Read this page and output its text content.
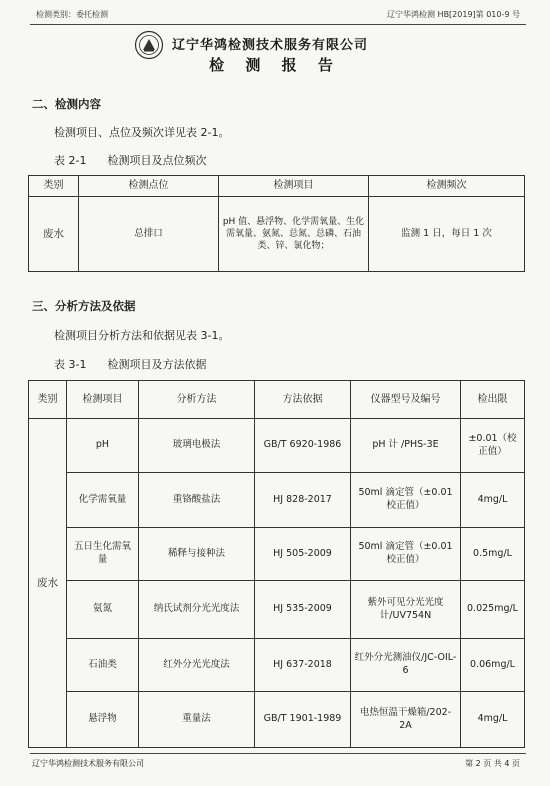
检测类别：委托检测	辽宁华鸿检测 HB[2019]第 010-9 号
辽宁华鸿检测技术服务有限公司
检 测 报 告
二、检测内容
检测项目、点位及频次详见表 2-1。
表 2-1      检测项目及点位频次
类别	检测点位	检测项目	检测频次
废水	总排口	pH 值、悬浮物、化学需氧量、生化需氧量、氨氮、总氮、总磷、石油类、锌、氯化物；	监测 1 日，每日 1 次
三、分析方法及依据
检测项目分析方法和依据见表 3-1。
表 3-1      检测项目及方法依据
类别	检测项目	分析方法	方法依据	仪器型号及编号	检出限
废水	pH	玻璃电极法	GB/T 6920-1986	pH 计 /PHS-3E	±0.01（校正值）
	化学需氧量	重铬酸盐法	HJ 828-2017	50ml 滴定管（±0.01 校正值）	4mg/L
	五日生化需氧量	稀释与接种法	HJ 505-2009	50ml 滴定管（±0.01 校正值）	0.5mg/L
	氨氮	纳氏试剂分光光度法	HJ 535-2009	紫外可见分光光度计/UV754N	0.025mg/L
	石油类	红外分光光度法	HJ 637-2018	红外分光测油仪/JC-OIL-6	0.06mg/L
	悬浮物	重量法	GB/T 1901-1989	电热恒温干燥箱/202-2A	4mg/L
辽宁华鸿检测技术服务有限公司	第 2 页 共 4 页
